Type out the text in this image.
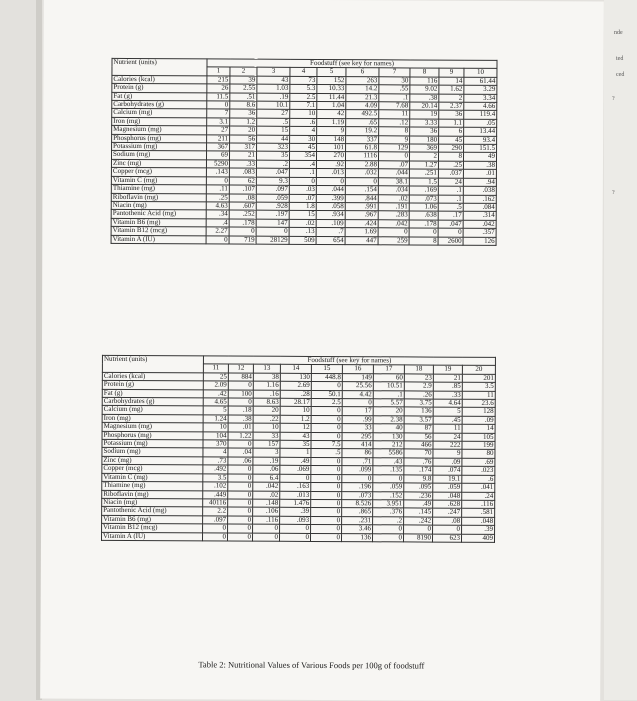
nde
ted
ced
?
?
Nutrient (units)	Foodstuff (see key for names)									
	1	2	3	4	5	6	7	8	9	10
Calories (kcal)	215	39	43	73	152	263	30	116	14	61.44
Protein (g)	26	2.55	1.03	5.3	10.33	14.2	.55	9.02	1.62	3.29
Fat (g)	11.5	.51	.19	2.5	11.44	21.3	.1	.38	2	3.34
Carbohydrates (g)	0	8.6	10.1	7.1	1.04	4.09	7.68	20.14	2.37	4.66
Calcium (mg)	7	36	27	10	42	492.5	11	19	36	119.4
Iron (mg)	3.1	1.2	.5	.6	1.19	.65	.12	3.33	1.1	.05
Magnesium (mg)	27	20	15	4	9	19.2	8	36	6	13.44
Phosphorus (mg)	211	56	44	30	148	337	9	180	45	93.4
Potassium (mg)	367	317	323	45	101	61.8	129	369	290	151.5
Sodium (mg)	69	21	35	354	270	1116	0	2	8	49
Zinc (mg)	5290	.33	.2	.4	.92	2.88	.07	1.27	.25	.38
Copper (mcg)	.143	.083	.047	.1	.013	.032	.044	.251	.037	.01
Vitamin C (mg)	0	62	9.3	0	0	0	38.1	1.5	24	.94
Thiamine (mg)	.11	.107	.097	.03	.044	.154	.034	.169	.1	.038
Riboflavin (mg)	.25	.08	.059	.07	.399	.844	.02	.073	.1	.162
Niacin (mg)	4.63	.607	.928	1.8	.058	.991	.191	1.06	.5	.084
Pantothenic Acid (mg)	.34	.252	.197	15	.934	.967	.283	.638	.17	.314
Vitamin B6 (mg)	.4	.178	147	.02	.109	.424	.042	.178	.047	.042
Vitamin B12 (mcg)	2.27	0	0	.13	.7	1.69	0	0	0	.357
Vitamin A (IU)	0	719	28129	509	654	447	259	8	2600	126
Nutrient (units)	Foodstuff (see key for names)									
	11	12	13	14	15	16	17	18	19	20
Calories (kcal)	25	884	38	130	448.8	149	60	23	21	201
Protein (g)	2.09	0	1.16	2.69	0	25.56	10.51	2.9	.85	3.5
Fat (g)	.42	100	.16	.28	50.1	4.42	.1	.26	.33	11
Carbohydrates (g)	4.65	0	8.63	28.17	2.5	0	5.57	3.75	4.64	23.6
Calcium (mg)	5	.18	20	10	0	17	20	136	5	128
Iron (mg)	1.24	.38	.22	1.2	0	.99	2.38	3.57	.45	.09
Magnesium (mg)	10	.01	10	12	0	33	40	87	11	14
Phosphorus (mg)	104	1.22	33	43	0	295	130	56	24	105
Potassium (mg)	370	0	157	35	7.5	414	212	466	222	199
Sodium (mg)	4	.04	3	1	.5	86	5586	70	9	80
Zinc (mg)	.73	.06	.19	.49	0	.71	.43	.76	.09	.69
Copper (mcg)	.492	0	.06	.069	0	.099	.135	.174	.074	.023
Vitamin C (mg)	3.5	0	6.4	0	0	0	0	9.8	19.1	.6
Thiamine (mg)	.102	0	.042	.163	0	.196	.059	.095	.059	.041
Riboflavin (mg)	.449	0	.02	.013	0	.073	.152	.236	.048	.24
Niacin (mg)	40116	0	.148	1.476	0	8.526	3.951	.49	.628	.116
Pantothenic Acid (mg)	2.2	0	.106	.39	0	.865	.376	.145	.247	.581
Vitamin B6 (mg)	.097	0	.116	.093	0	.231	.2	.242	.08	.048
Vitamin B12 (mcg)	0	0	0	0	0	3.46	0	0	0	.39
Vitamin A (IU)	0	0	0	0	0	136	0	8190	623	409
Table 2: Nutritional Values of Various Foods per 100g of foodstuff
